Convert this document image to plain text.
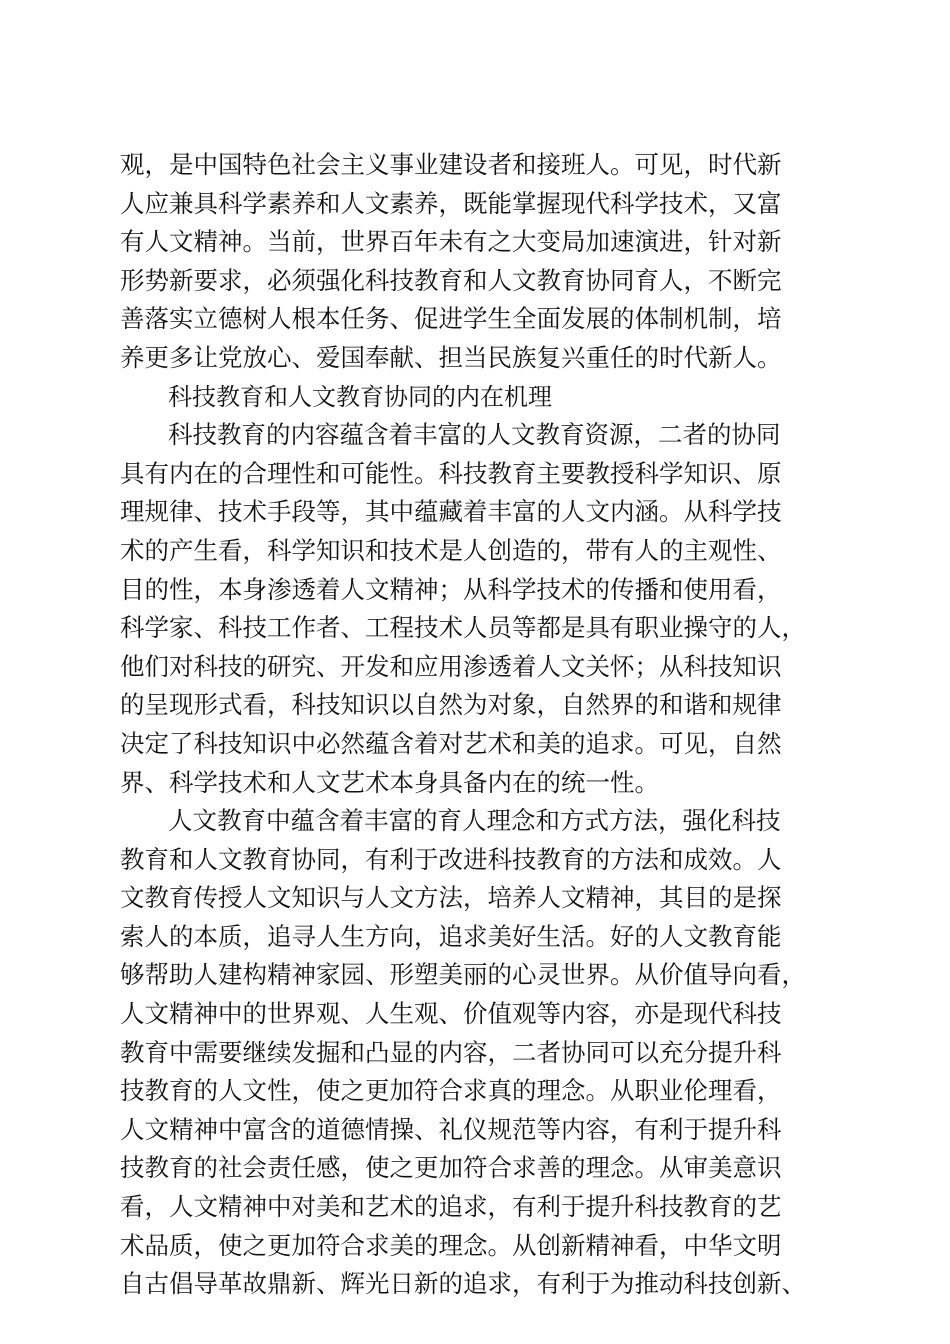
观，是中国特色社会主义事业建设者和接班人。可见，时代新
人应兼具科学素养和人文素养，既能掌握现代科学技术，又富
有人文精神。当前，世界百年未有之大变局加速演进，针对新
形势新要求，必须强化科技教育和人文教育协同育人，不断完
善落实立德树人根本任务、促进学生全面发展的体制机制，培
养更多让党放心、爱国奉献、担当民族复兴重任的时代新人。
科技教育和人文教育协同的内在机理
科技教育的内容蕴含着丰富的人文教育资源，二者的协同
具有内在的合理性和可能性。科技教育主要教授科学知识、原
理规律、技术手段等，其中蕴藏着丰富的人文内涵。从科学技
术的产生看，科学知识和技术是人创造的，带有人的主观性、
目的性，本身渗透着人文精神；从科学技术的传播和使用看，
科学家、科技工作者、工程技术人员等都是具有职业操守的人，
他们对科技的研究、开发和应用渗透着人文关怀；从科技知识
的呈现形式看，科技知识以自然为对象，自然界的和谐和规律
决定了科技知识中必然蕴含着对艺术和美的追求。可见，自然
界、科学技术和人文艺术本身具备内在的统一性。
人文教育中蕴含着丰富的育人理念和方式方法，强化科技
教育和人文教育协同，有利于改进科技教育的方法和成效。人
文教育传授人文知识与人文方法，培养人文精神，其目的是探
索人的本质，追寻人生方向，追求美好生活。好的人文教育能
够帮助人建构精神家园、形塑美丽的心灵世界。从价值导向看，
人文精神中的世界观、人生观、价值观等内容，亦是现代科技
教育中需要继续发掘和凸显的内容，二者协同可以充分提升科
技教育的人文性，使之更加符合求真的理念。从职业伦理看，
人文精神中富含的道德情操、礼仪规范等内容，有利于提升科
技教育的社会责任感，使之更加符合求善的理念。从审美意识
看，人文精神中对美和艺术的追求，有利于提升科技教育的艺
术品质，使之更加符合求美的理念。从创新精神看，中华文明
自古倡导革故鼎新、辉光日新的追求，有利于为推动科技创新、
